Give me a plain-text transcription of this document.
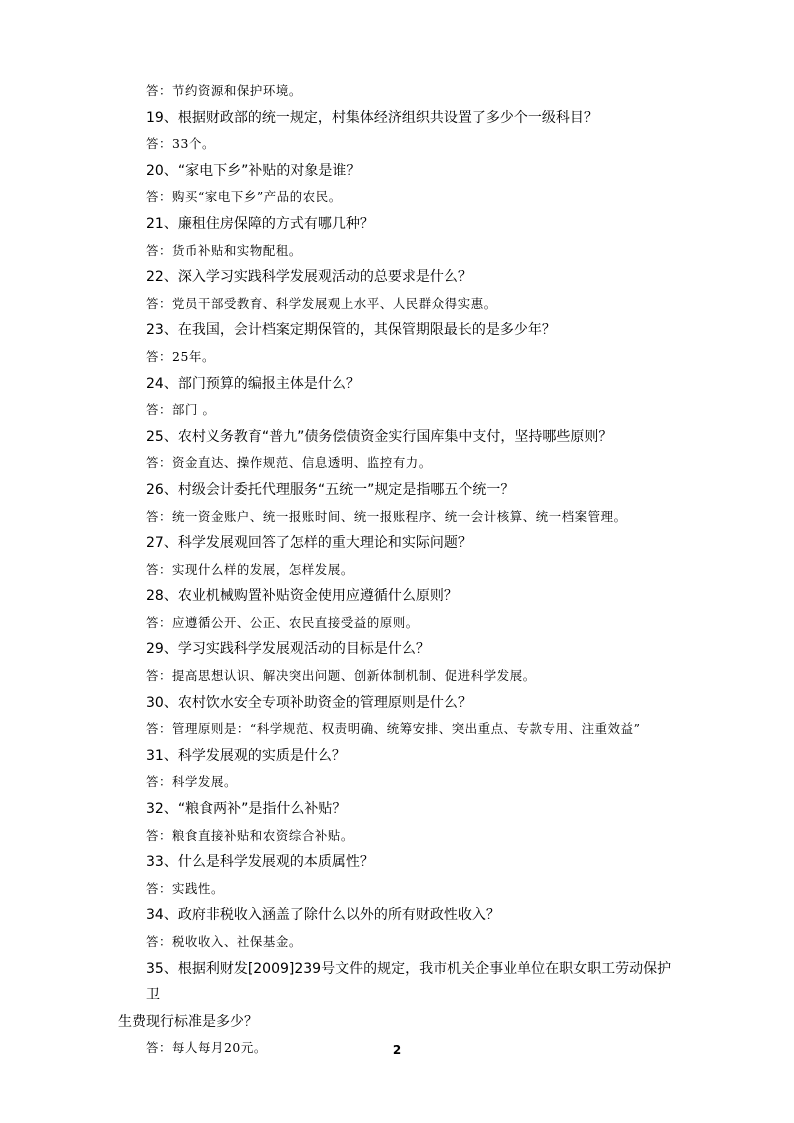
答：节约资源和保护环境。
19、根据财政部的统一规定，村集体经济组织共设置了多少个一级科目？
答：33个。
20、“家电下乡”补贴的对象是谁？
答：购买“家电下乡”产品的农民。
21、廉租住房保障的方式有哪几种？
答：货币补贴和实物配租。
22、深入学习实践科学发展观活动的总要求是什么？
答：党员干部受教育、科学发展观上水平、人民群众得实惠。
23、在我国，会计档案定期保管的，其保管期限最长的是多少年？
答：25年。
24、部门预算的编报主体是什么？
答：部门 。
25、农村义务教育“普九”债务偿债资金实行国库集中支付，坚持哪些原则？
答：资金直达、操作规范、信息透明、监控有力。
26、村级会计委托代理服务“五统一”规定是指哪五个统一？
答：统一资金账户、统一报账时间、统一报账程序、统一会计核算、统一档案管理。
27、科学发展观回答了怎样的重大理论和实际问题？
答：实现什么样的发展，怎样发展。
28、农业机械购置补贴资金使用应遵循什么原则？
答：应遵循公开、公正、农民直接受益的原则。
29、学习实践科学发展观活动的目标是什么？
答：提高思想认识、解决突出问题、创新体制机制、促进科学发展。
30、农村饮水安全专项补助资金的管理原则是什么？
答：管理原则是：“科学规范、权责明确、统筹安排、突出重点、专款专用、注重效益”
31、科学发展观的实质是什么？
答：科学发展。
32、“粮食两补”是指什么补贴？
答：粮食直接补贴和农资综合补贴。
33、什么是科学发展观的本质属性？
答：实践性。
34、政府非税收入涵盖了除什么以外的所有财政性收入？
答：税收收入、社保基金。
35、根据利财发[2009]239号文件的规定，我市机关企事业单位在职女职工劳动保护卫
生费现行标准是多少？
答：每人每月20元。	2
